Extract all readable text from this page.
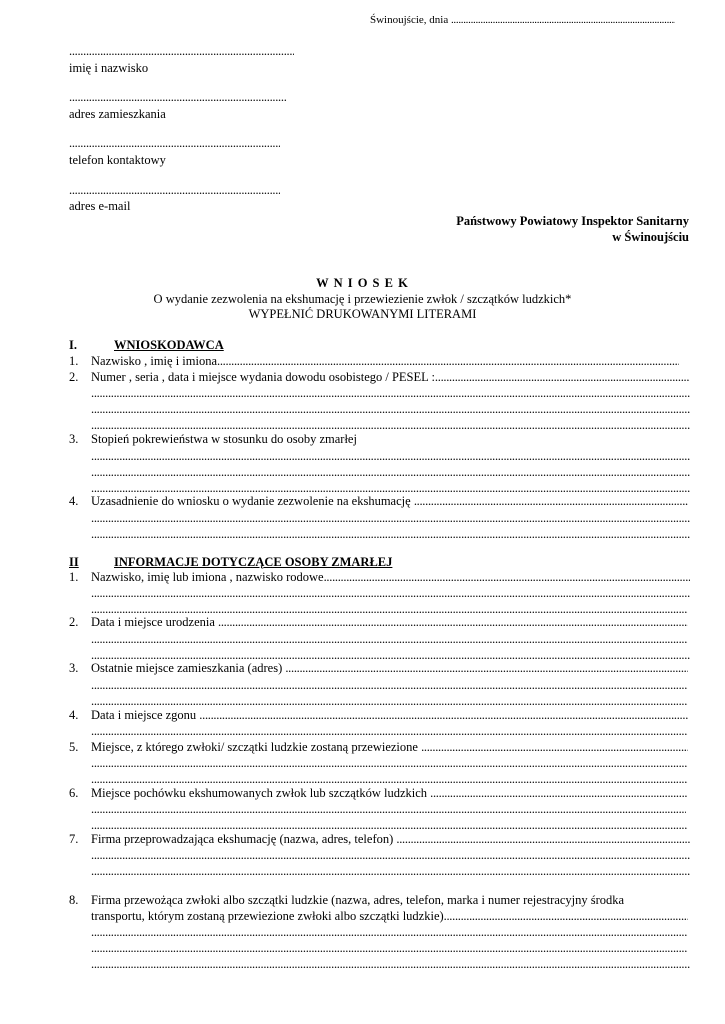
Świnoujście, dnia

.....
.....
imię i nazwisko
.....
adres zamieszkania
.....
telefon kontaktowy
.....
adres e-mail
Państwowy Powiatowy Inspektor Sanitarny
w Świnoujściu
W N I O S E K
O wydanie zezwolenia na ekshumację i przewiezienie zwłok / szczątków ludzkich*
WYPEŁNIĆ DRUKOWANYMI LITERAMI
I.	WNIOSKODAWCA
1. Nazwisko , imię i imiona
.....
2. Numer , seria , data i miejsce wydania dowodu osobistego / PESEL :
.....
.....
.....
.....
3. Stopień pokrewieństwa w stosunku do osoby zmarłej
.....
.....
.....
4. Uzasadnienie do wniosku o wydanie zezwolenie na ekshumację

.....
.....
.....
II	INFORMACJE DOTYCZĄCE OSOBY ZMARŁEJ
1. Nazwisko, imię lub imiona , nazwisko rodowe
.....
.....
.....
2. Data i miejsce urodzenia

.....
.....
.....
3. Ostatnie miejsce zamieszkania (adres)

.....
.....
.....
4. Data i miejsce zgonu

.....
.....
5. Miejsce, z którego zwłoki/ szczątki ludzkie zostaną przewiezione

.....
.....
.....
6. Miejsce pochówku ekshumowanych zwłok lub szczątków ludzkich

.....
.....
.....
7. Firma przeprowadzająca ekshumację (nazwa, adres, telefon)

.....
.....
.....
8. Firma przewożąca zwłoki albo szczątki ludzkie (nazwa, adres, telefon, marka i numer rejestracyjny środka
transportu, którym zostaną przewiezione zwłoki albo szczątki ludzkie)
.....
.....
.....
.....
